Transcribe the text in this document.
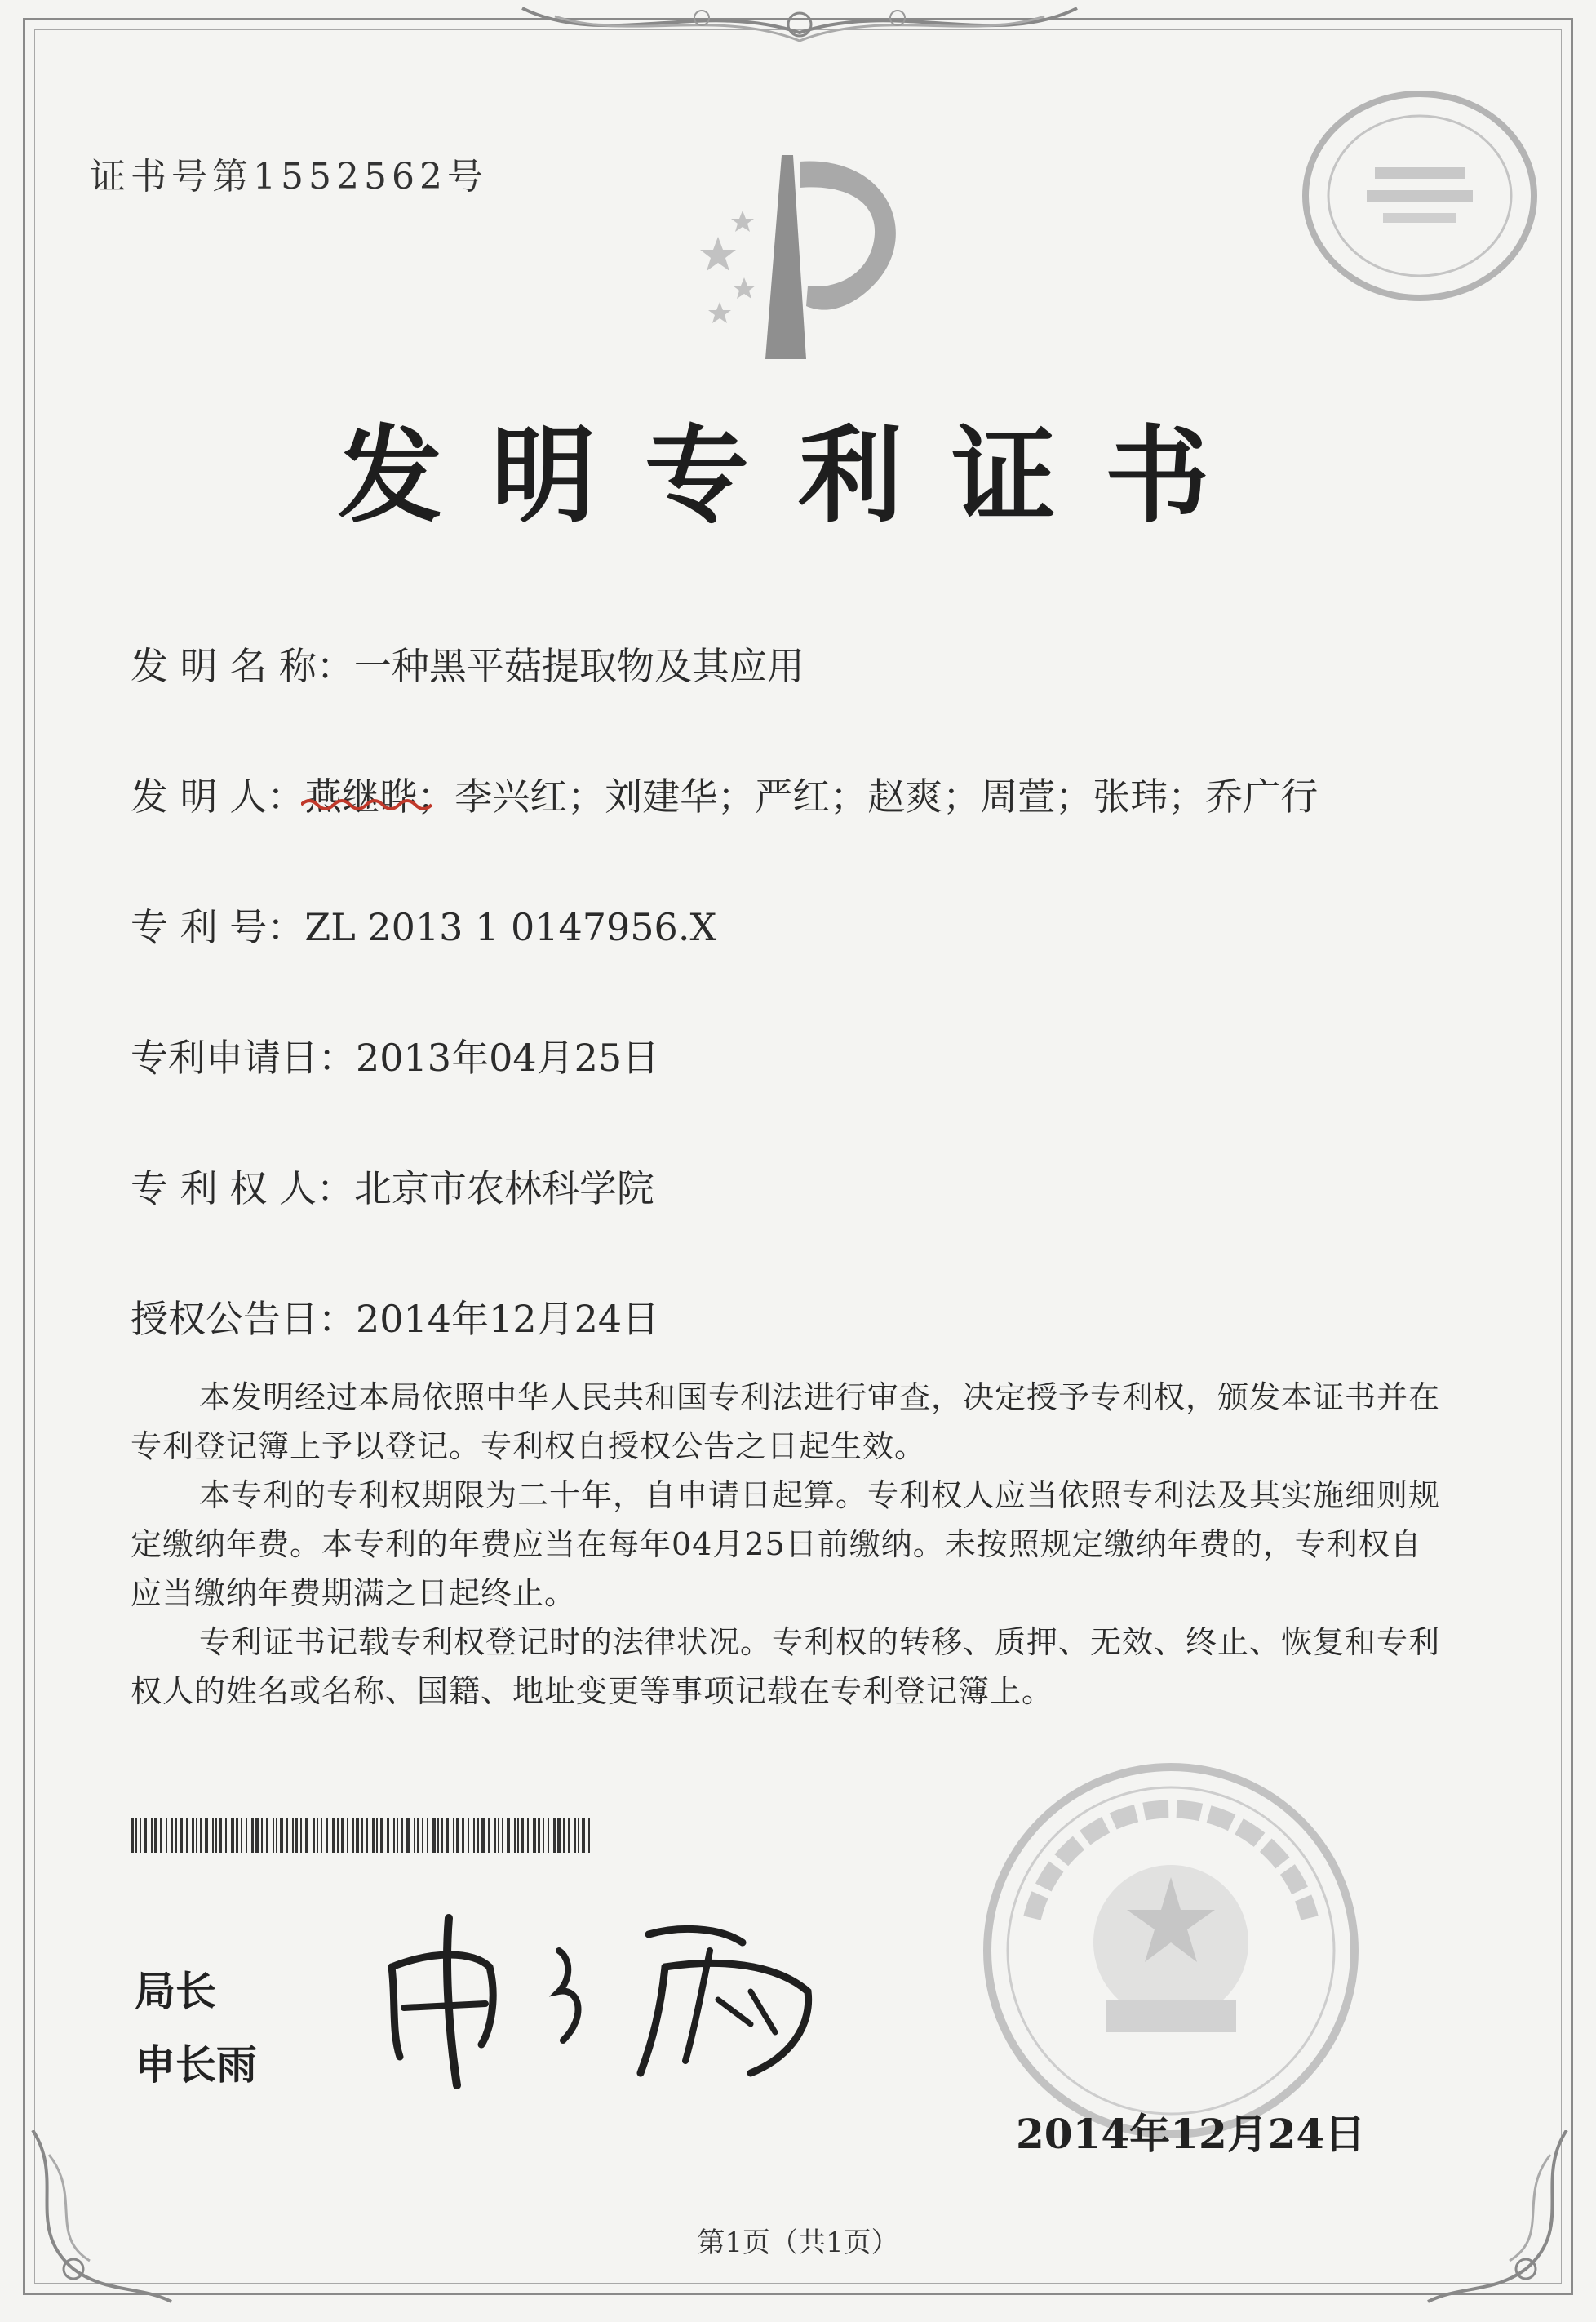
证书号第1552562号
发明专利证书
发 明 名 称：一种黑平菇提取物及其应用
发 明 人：燕继晔
；李兴红；刘建华；严红；赵爽；周萱；张玮；乔广行
专 利 号：ZL 2013 1 0147956.X
专利申请日：2013年04月25日
专 利 权 人：北京市农林科学院
授权公告日：2014年12月24日

本发明经过本局依照中华人民共和国专利法进行审查，决定授予专利权，颁发本证书并在专利登记簿上予以登记。专利权自授权公告之日起生效。

本专利的专利权期限为二十年，自申请日起算。专利权人应当依照专利法及其实施细则规定缴纳年费。本专利的年费应当在每年04月25日前缴纳。未按照规定缴纳年费的，专利权自应当缴纳年费期满之日起终止。

专利证书记载专利权登记时的法律状况。专利权的转移、质押、无效、终止、恢复和专利权人的姓名或名称、国籍、地址变更等事项记载在专利登记簿上。

局长
申长雨
2014年12月24日
第1页（共1页）
